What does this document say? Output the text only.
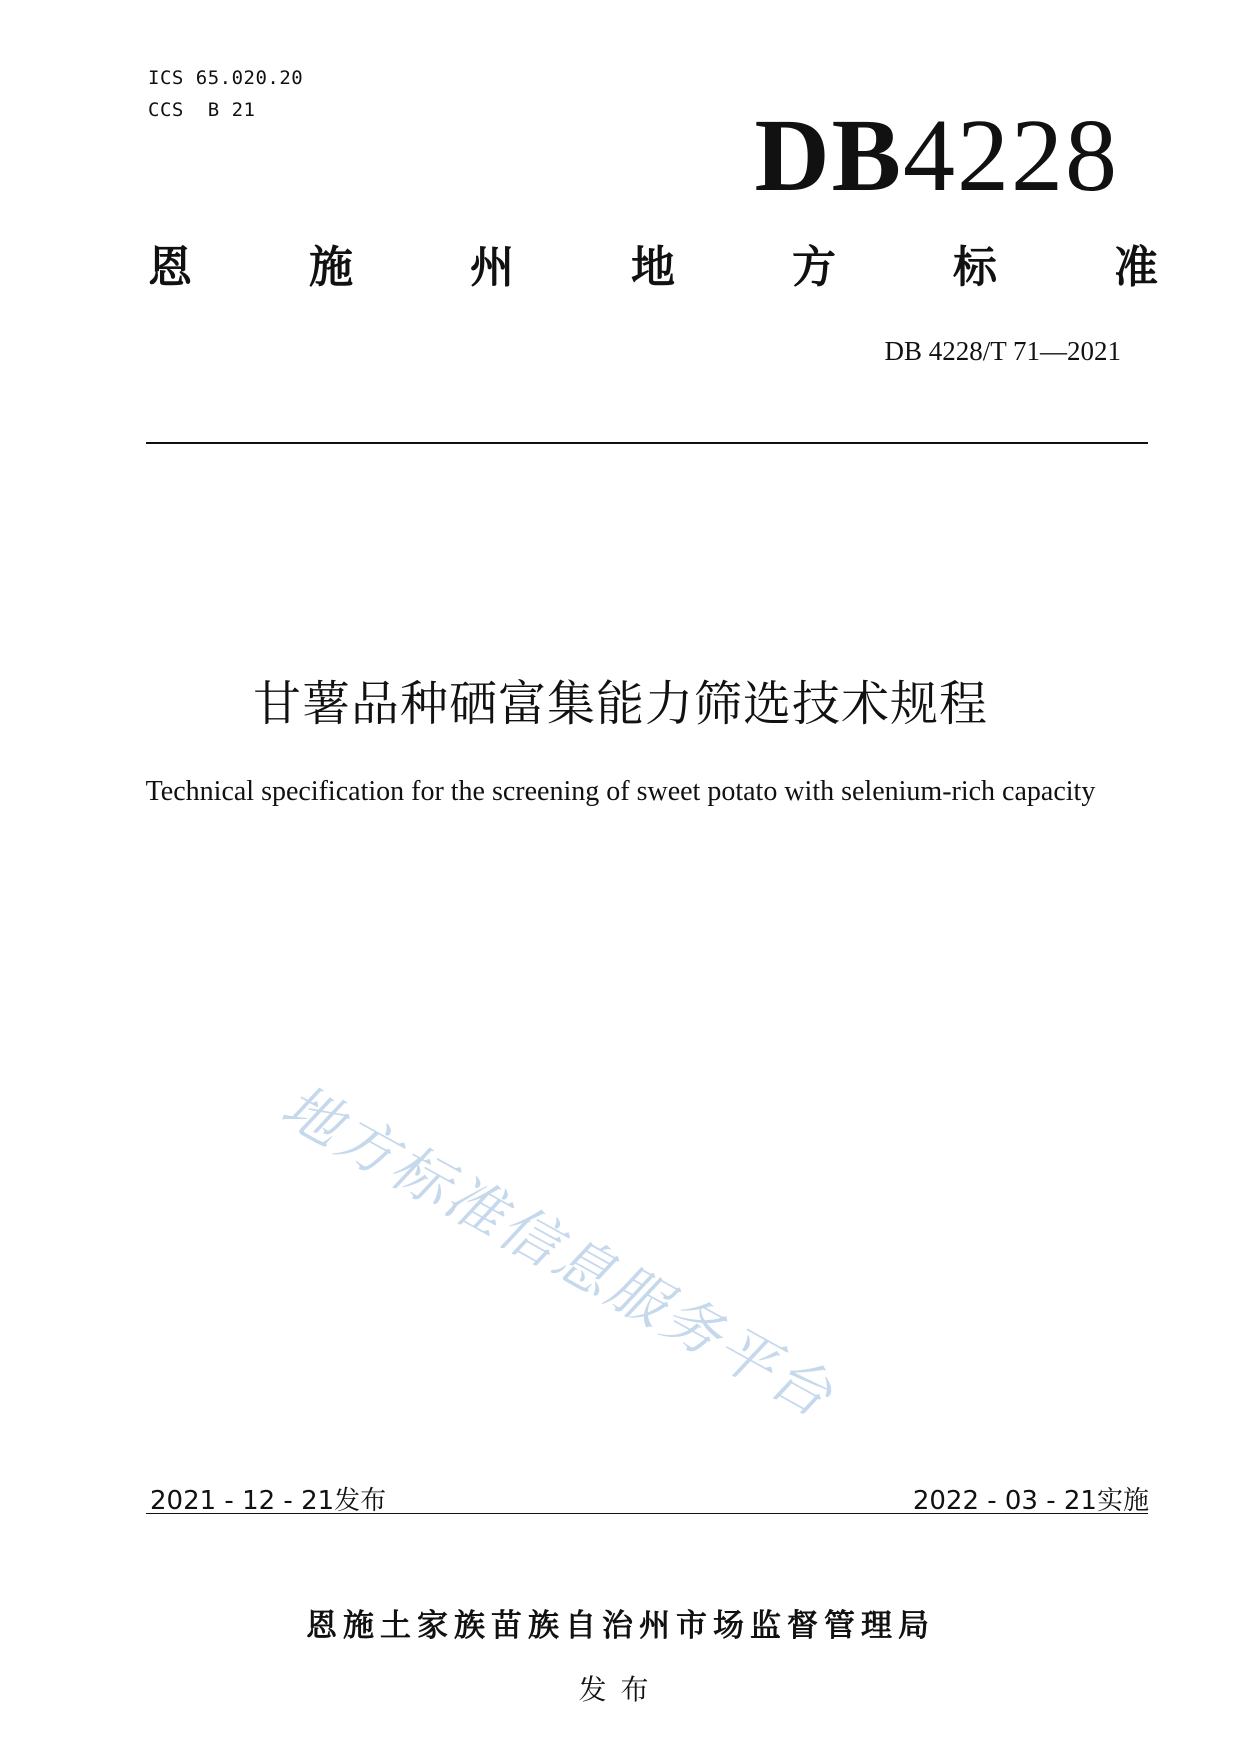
ICS 65.020.20
CCS  B 21	DB4228
恩	施	州	地	方	标	准
DB 4228/T 71—2021
甘薯品种硒富集能力筛选技术规程
Technical specification for the screening of sweet potato with selenium-rich capacity
地方标准信息服务平台
2021 - 12 - 21发布	2022 - 03 - 21实施
恩施土家族苗族自治州市场监督管理局
发布
